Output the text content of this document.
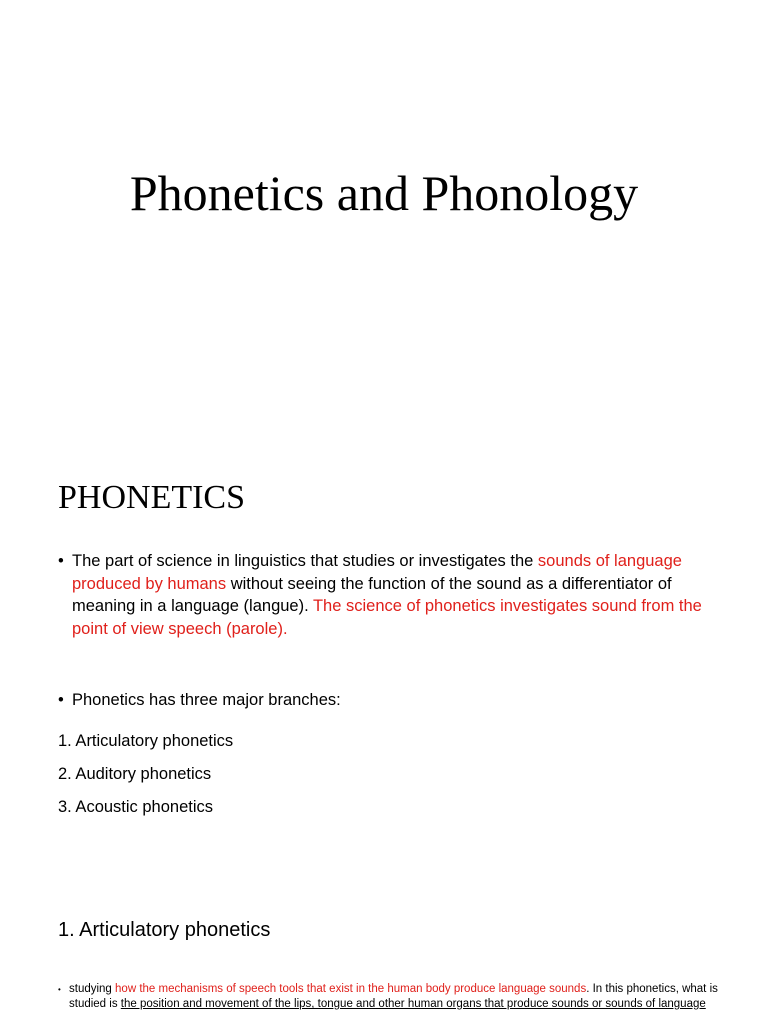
Phonetics and Phonology
PHONETICS
• The part of science in linguistics that studies or investigates the sounds of language produced by humans without seeing the function of the sound as a differentiator of meaning in a language (langue). The science of phonetics investigates sound from the point of view speech (parole).
• Phonetics has three major branches:
1. Articulatory phonetics
2. Auditory phonetics
3. Acoustic phonetics
1. Articulatory phonetics
• studying how the mechanisms of speech tools that exist in the human body produce language sounds. In this phonetics, what is studied is the position and movement of the lips, tongue and other human organs that produce sounds or sounds of language
